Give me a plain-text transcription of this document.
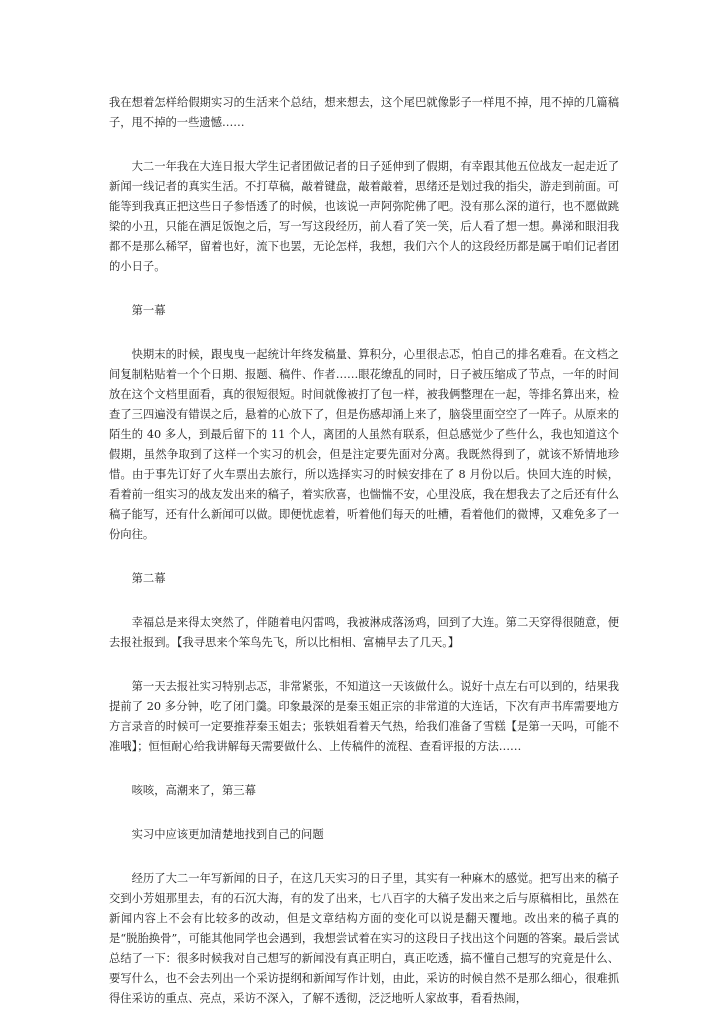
我在想着怎样给假期实习的生活来个总结，想来想去，这个尾巴就像影子一样甩不掉，甩不掉的几篇稿子，甩不掉的一些遗憾……

大二一年我在大连日报大学生记者团做记者的日子延伸到了假期，有幸跟其他五位战友一起走近了新闻一线记者的真实生活。不打草稿，敲着键盘，敲着敲着，思绪还是划过我的指尖，游走到前面。可能等到我真正把这些日子参悟透了的时候，也该说一声阿弥陀佛了吧。没有那么深的道行，也不愿做跳梁的小丑，只能在酒足饭饱之后，写一写这段经历，前人看了笑一笑，后人看了想一想。鼻涕和眼泪我都不是那么稀罕，留着也好，流下也罢，无论怎样，我想，我们六个人的这段经历都是属于咱们记者团的小日子。

第一幕

快期末的时候，跟曳曳一起统计年终发稿量、算积分，心里很忐忑，怕自己的排名难看。在文档之间复制粘贴着一个个日期、报题、稿件、作者……眼花缭乱的同时，日子被压缩成了节点，一年的时间放在这个文档里面看，真的很短很短。时间就像被打了包一样，被我俩整理在一起，等排名算出来，检查了三四遍没有错误之后，悬着的心放下了，但是伤感却涌上来了，脑袋里面空空了一阵子。从原来的陌生的 40 多人，到最后留下的 11 个人，离团的人虽然有联系，但总感觉少了些什么，我也知道这个假期，虽然争取到了这样一个实习的机会，但是注定要先面对分离。我既然得到了，就该不矫情地珍惜。由于事先订好了火车票出去旅行，所以选择实习的时候安排在了 8 月份以后。快回大连的时候，看着前一组实习的战友发出来的稿子，着实欣喜，也惴惴不安，心里没底，我在想我去了之后还有什么稿子能写，还有什么新闻可以做。即便忧虑着，听着他们每天的吐槽，看着他们的微博，又难免多了一份向往。

第二幕

幸福总是来得太突然了，伴随着电闪雷鸣，我被淋成落汤鸡，回到了大连。第二天穿得很随意，便去报社报到。【我寻思来个笨鸟先飞，所以比相相、富楠早去了几天。】

第一天去报社实习特别忐忑，非常紧张，不知道这一天该做什么。说好十点左右可以到的，结果我提前了 20 多分钟，吃了闭门羹。印象最深的是秦玉姐正宗的非常道的大连话，下次有声书库需要地方方言录音的时候可一定要推荐秦玉姐去；张轶姐看着天气热，给我们准备了雪糕【是第一天吗，可能不准哦】；恒恒耐心给我讲解每天需要做什么、上传稿件的流程、查看评报的方法……

咳咳，高潮来了，第三幕

实习中应该更加清楚地找到自己的问题

经历了大二一年写新闻的日子，在这几天实习的日子里，其实有一种麻木的感觉。把写出来的稿子交到小芳姐那里去，有的石沉大海，有的发了出来，七八百字的大稿子发出来之后与原稿相比，虽然在新闻内容上不会有比较多的改动，但是文章结构方面的变化可以说是翻天覆地。改出来的稿子真的是“脱胎换骨”，可能其他同学也会遇到，我想尝试着在实习的这段日子找出这个问题的答案。最后尝试总结了一下：很多时候我对自己想写的新闻没有真正明白，真正吃透，搞不懂自己想写的究竟是什么、要写什么，也不会去列出一个采访提纲和新闻写作计划，由此，采访的时候自然不是那么细心，很难抓得住采访的重点、亮点，采访不深入，了解不透彻，泛泛地听人家故事，看看热闹，
